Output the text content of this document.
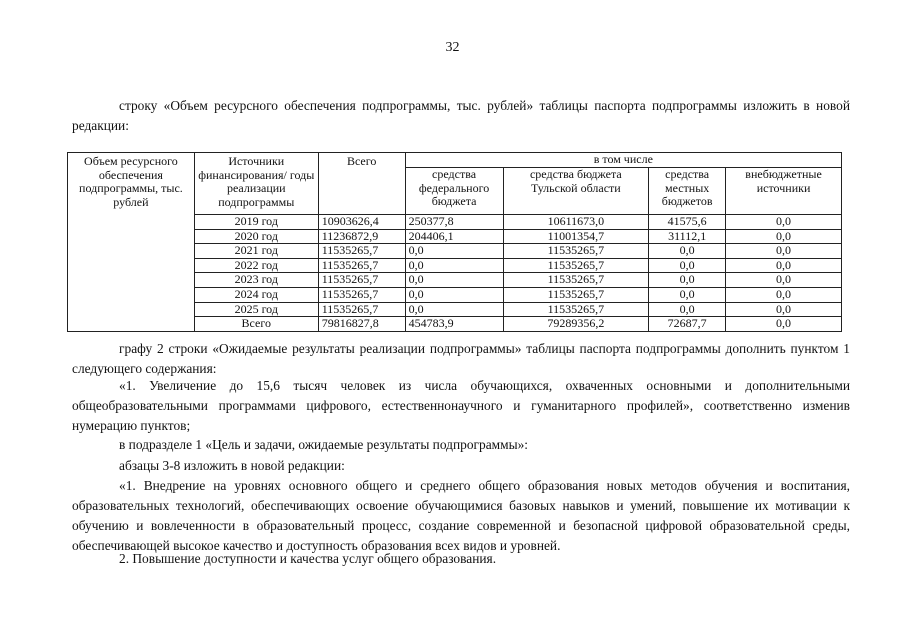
32

строку «Объем ресурсного обеспечения подпрограммы, тыс. рублей» таблицы паспорта подпрограммы изложить в новой редакции:

Объем ресурсного обеспечения подпрограммы, тыс. рублей	Источники финансирования/ годы реализации подпрограммы	Всего	в том числе			
			средства федерального бюджета	средства бюджета Тульской области	средства местных бюджетов	внебюджетные источники
	2019 год	10903626,4	250377,8	10611673,0	41575,6	0,0
	2020 год	11236872,9	204406,1	11001354,7	31112,1	0,0
	2021 год	11535265,7	0,0	11535265,7	0,0	0,0
	2022 год	11535265,7	0,0	11535265,7	0,0	0,0
	2023 год	11535265,7	0,0	11535265,7	0,0	0,0
	2024 год	11535265,7	0,0	11535265,7	0,0	0,0
	2025 год	11535265,7	0,0	11535265,7	0,0	0,0
	Всего	79816827,8	454783,9	79289356,2	72687,7	0,0

графу 2 строки «Ожидаемые результаты реализации подпрограммы» таблицы паспорта подпрограммы дополнить пунктом 1 следующего содержания:

«1. Увеличение до 15,6 тысяч человек из числа обучающихся, охваченных основными и дополнительными общеобразовательными программами цифрового, естественнонаучного и гуманитарного профилей», соответственно изменив нумерацию пунктов;

в подразделе 1 «Цель и задачи, ожидаемые результаты подпрограммы»:

абзацы 3-8 изложить в новой редакции:

«1. Внедрение на уровнях основного общего и среднего общего образования новых методов обучения и воспитания, образовательных технологий, обеспечивающих освоение обучающимися базовых навыков и умений, повышение их мотивации к обучению и вовлеченности в образовательный процесс, создание современной и безопасной цифровой образовательной среды, обеспечивающей высокое качество и доступность образования всех видов и уровней.

2. Повышение доступности и качества услуг общего образования.
